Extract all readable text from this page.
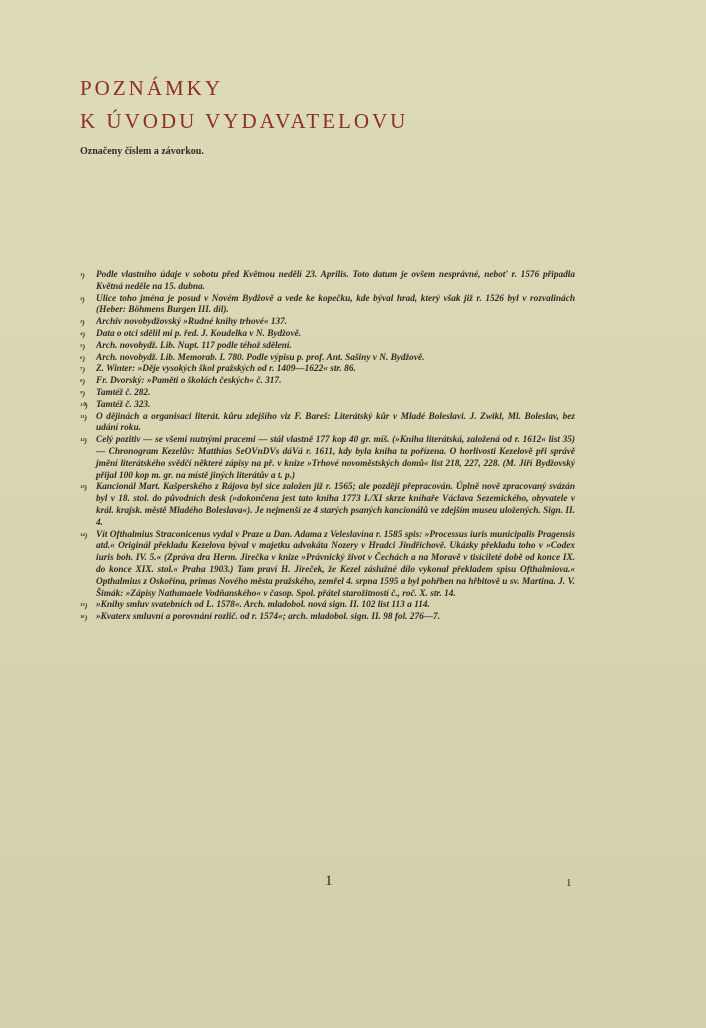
POZNÁMKY
K ÚVODU VYDAVATELOVU
Označeny číslem a závorkou.
¹) Podle vlastního údaje v sobotu před Květnou nedělí 23. Aprilis. Toto datum je ovšem nesprávné, neboť r. 1576 připadla Květná neděle na 15. dubna.
²) Ulice toho jména je posud v Novém Bydžově a vede ke kopečku, kde býval hrad, který však již r. 1526 byl v rozvalinách (Heber: Böhmens Burgen III. díl).
³) Archiv novobydžovský »Rudné knihy trhové« 137.
⁴) Data o otci sdělil mi p. řed. J. Koudelka v N. Bydžově.
⁵) Arch. novobydž. Lib. Nupt. 117 podle téhož sdělení.
⁶) Arch. novobydž. Lib. Memorab. I. 780. Podle výpisu p. prof. Ant. Sašiny v N. Bydžově.
⁷) Z. Winter: »Děje vysokých škol pražských od r. 1409—1622« str. 86.
⁸) Fr. Dvorský: »Paměti o školách českých« č. 317.
⁹) Tamtéž č. 282.
¹⁰) Tamtéž č. 323.
¹¹) O dějinách a organisaci literát. kůru zdejšího viz F. Bareš: Literátský kůr v Mladé Boleslavi. J. Zwikl, Ml. Boleslav, bez udání roku.
¹²) Celý pozitiv — se všemi nutnými pracemi — stál vlastně 177 kop 40 gr. míš. (»Kniha literátská, založená od r. 1612« list 35) — Chronogram Kezelův: Matthias SeOVnDVs dáVá r. 1611, kdy byla kniha ta pořízena. O horlivosti Kezelově při správě jmění literátského svědčí některé zápisy na př. v knize »Trhové novoměstských domů« list 218, 227, 228. (M. Jiří Bydžovský přijal 100 kop m. gr. na místě jiných literátův a t. p.)
¹³) Kancionál Mart. Kašperského z Rájova byl sice založen již r. 1565; ale později přepracován. Úplně nově zpracovaný svázán byl v 18. stol. do původních desk (»dokončena jest tato kniha 1773 I./XI skrze kníhaře Václava Sezemického, obyvatele v král. krajsk. městě Mladého Boleslava«). Je nejmenší ze 4 starých psaných kancionálů ve zdejším museu uložených. Sign. II. 4.
¹⁴) Vít Ofthalmius Straconicenus vydal v Praze u Dan. Adama z Veleslavína r. 1585 spis: »Processus iuris municipalis Pragensis atd.« Originál překladu Kezelova býval v majetku advokáta Nozery v Hradci Jindřichově. Ukázky překladu toho v »Codex iuris boh. IV. 5.« (Zpráva dra Herm. Jirečka v knize »Právnický život v Čechách a na Moravě v tisícileté době od konce IX. do konce XIX. stol.« Praha 1903.) Tam praví H. Jireček, že Kezel záslužné dílo vykonal překladem spisu Ofthalmiova.« Opthalmius z Oskořína, primas Nového města pražského, zemřel 4. srpna 1595 a byl pohřben na hřbitově u sv. Martina. J. V. Šimák: »Zápisy Nathanaele Vodňanského« v časop. Spol. přátel starožitností č., roč. X. str. 14.
¹⁵) »Knihy smluv svatebních od L. 1578«. Arch. mladobol. nová sign. II. 102 list 113 a 114.
¹⁶) »Kvaterx smluvní a porovnání rozlič. od r. 1574«; arch. mladobol. sign. II. 98 fol. 276—7.
1	1
